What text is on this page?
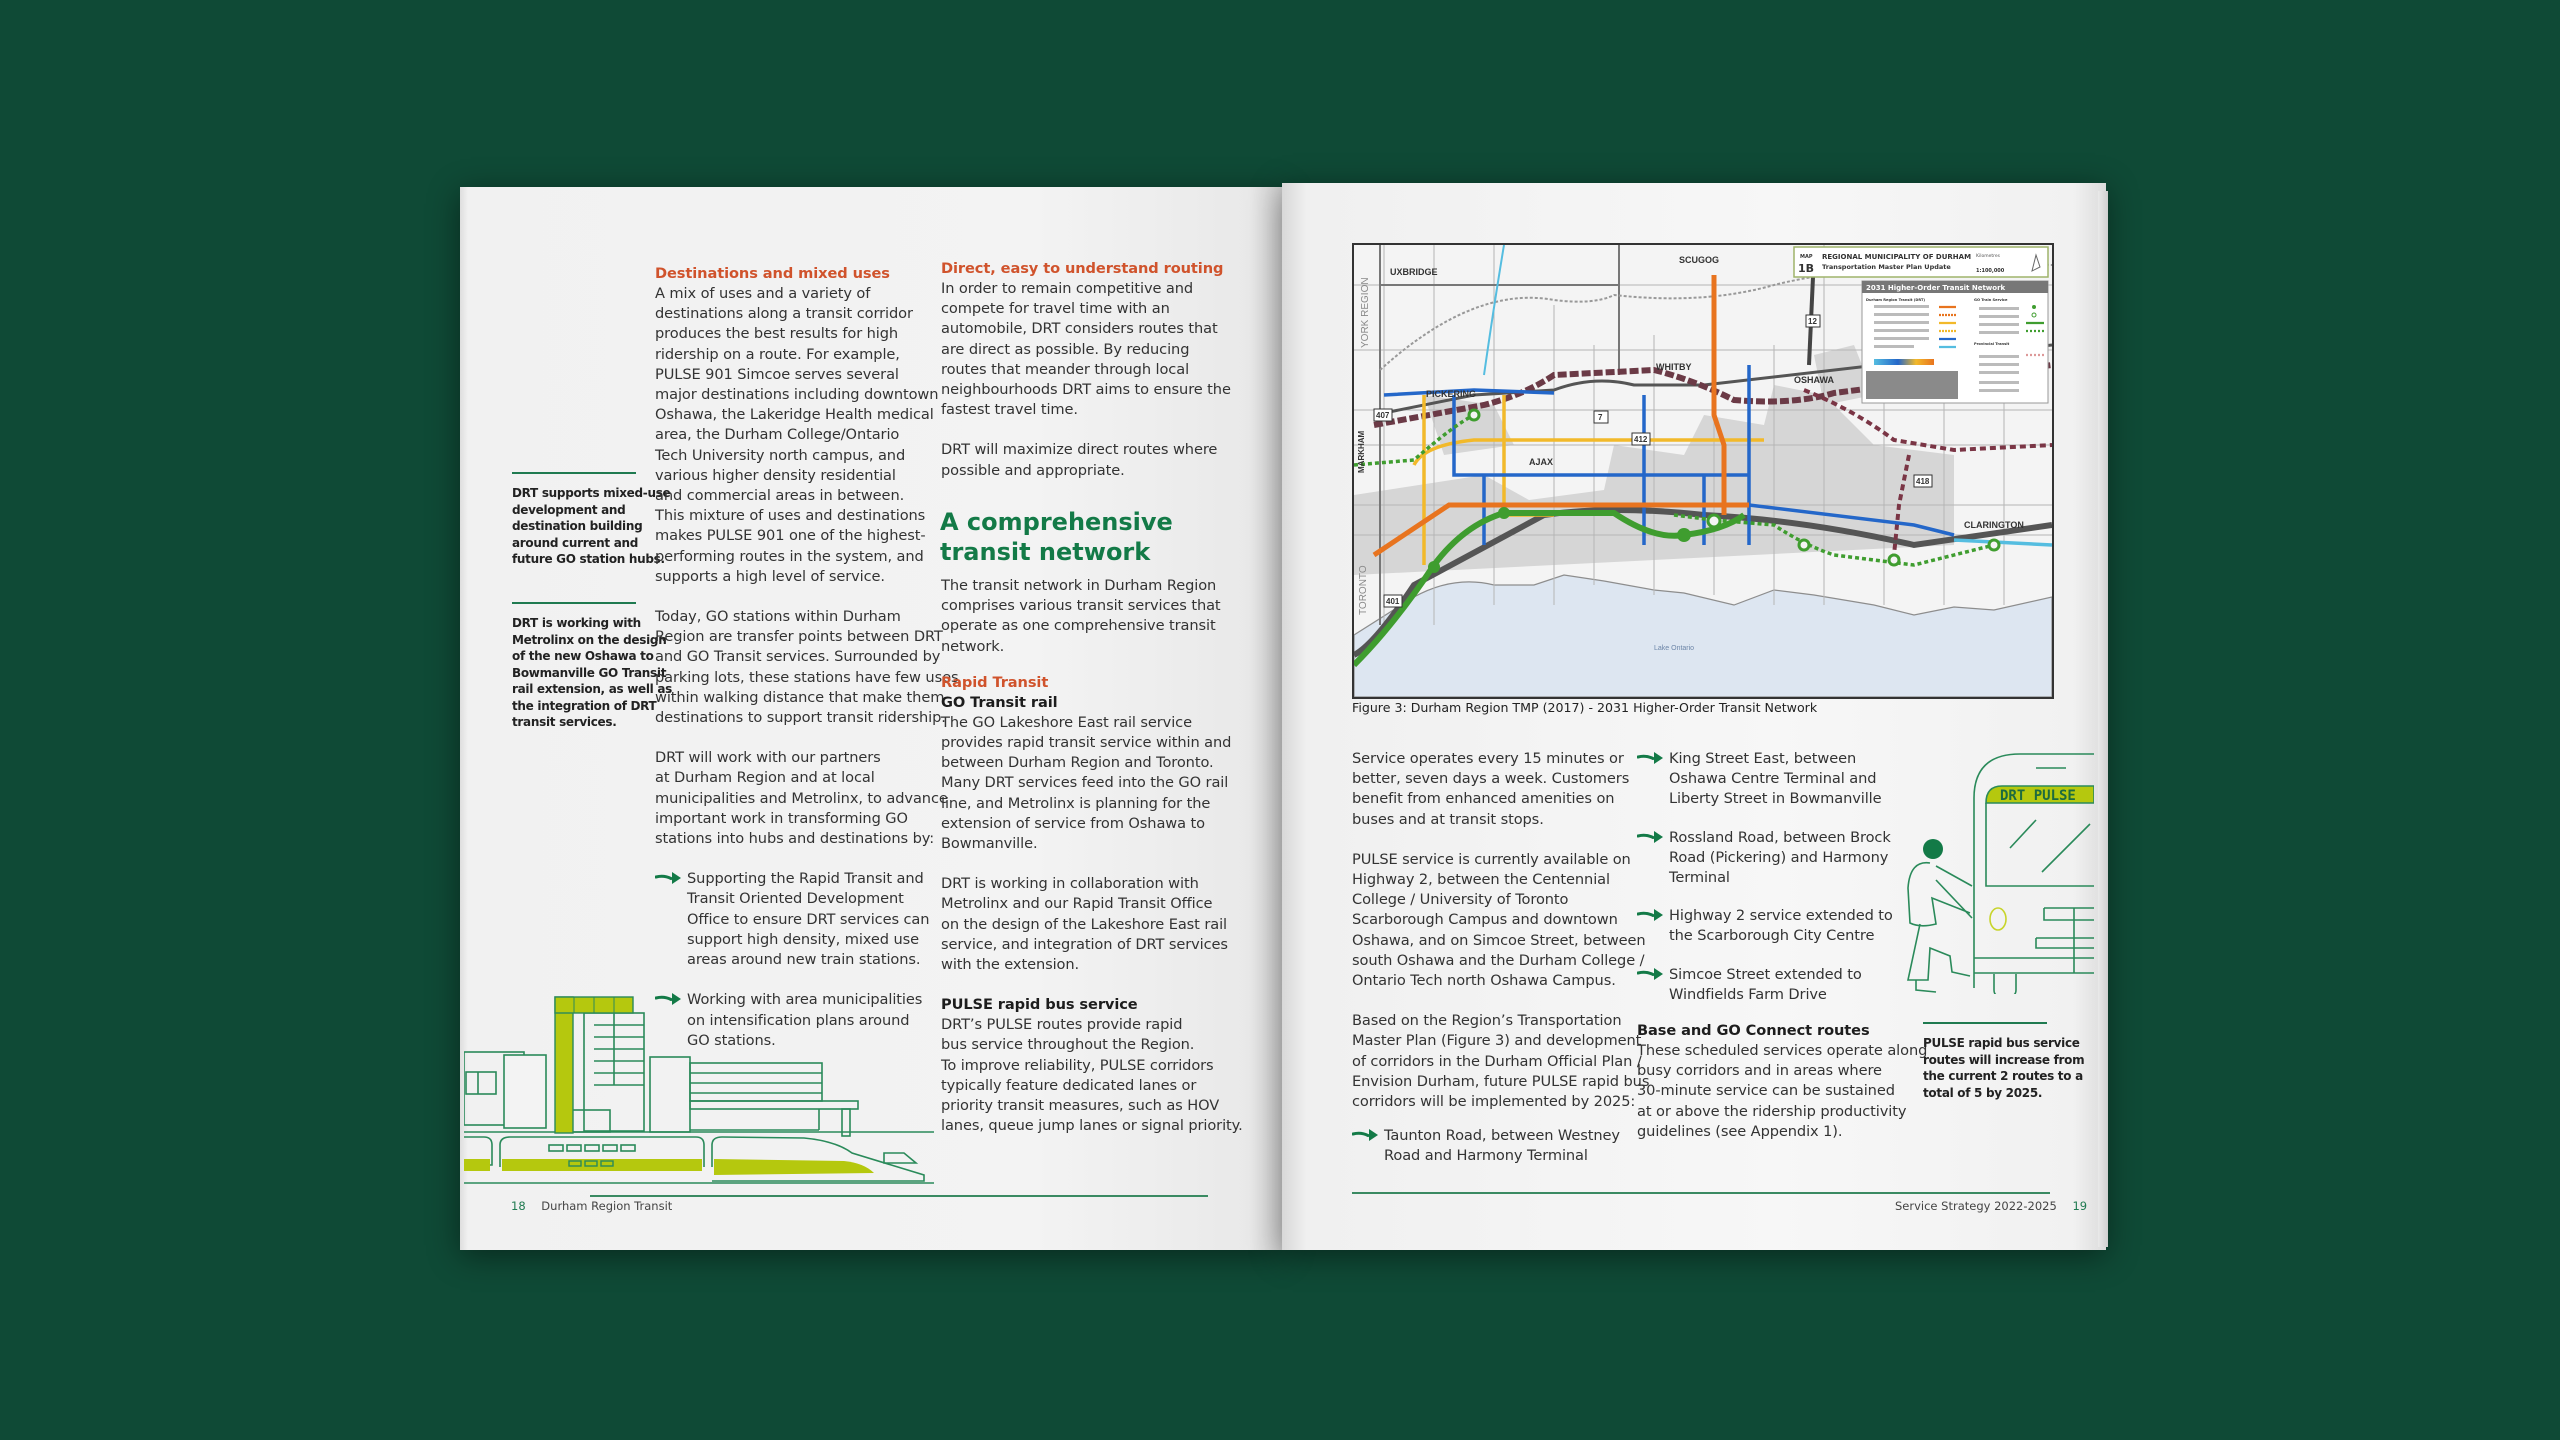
DRT supports mixed-use
development and
destination building
around current and
future GO station hubs.
DRT is working with
Metrolinx on the design
of the new Oshawa to
Bowmanville GO Transit
rail extension, as well as
the integration of DRT
transit services.
Destinations and mixed uses

A mix of uses and a variety of
destinations along a transit corridor
produces the best results for high
ridership on a route. For example,
PULSE 901 Simcoe serves several
major destinations including downtown
Oshawa, the Lakeridge Health medical
area, the Durham College/Ontario
Tech University north campus, and
various higher density residential
and commercial areas in between.
This mixture of uses and destinations
makes PULSE 901 one of the highest-
performing routes in the system, and
supports a high level of service.

Today, GO stations within Durham
Region are transfer points between DRT
and GO Transit services. Surrounded by
parking lots, these stations have few uses
within walking distance that make them
destinations to support transit ridership.

DRT will work with our partners
at Durham Region and at local
municipalities and Metrolinx, to advance
important work in transforming GO
stations into hubs and destinations by:

Supporting the Rapid Transit and
Transit Oriented Development
Office to ensure DRT services can
support high density, mixed use
areas around new train stations.

Working with area municipalities
on intensification plans around
GO stations.

Direct, easy to understand routing

In order to remain competitive and
compete for travel time with an
automobile, DRT considers routes that
are direct as possible. By reducing
routes that meander through local
neighbourhoods DRT aims to ensure the
fastest travel time.

DRT will maximize direct routes where
possible and appropriate.

A comprehensive
transit network

The transit network in Durham Region
comprises various transit services that
operate as one comprehensive transit
network.

Rapid Transit
GO Transit rail

The GO Lakeshore East rail service
provides rapid transit service within and
between Durham Region and Toronto.
Many DRT services feed into the GO rail
line, and Metrolinx is planning for the
extension of service from Oshawa to
Bowmanville.

DRT is working in collaboration with
Metrolinx and our Rapid Transit Office
on the design of the Lakeshore East rail
service, and integration of DRT services
with the extension.

PULSE rapid bus service

DRT’s PULSE routes provide rapid
bus service throughout the Region.
To improve reliability, PULSE corridors
typically feature dedicated lanes or
priority transit measures, such as HOV
lanes, queue jump lanes or signal priority.

18 Durham Region Transit
UXBRIDGE
SCUGOG
PICKERING
WHITBY
OSHAWA
AJAX
CLARINGTON
YORK REGION
MARKHAM
TORONTO
Lake Ontario
407	7
12
412
401
418
MAP
1B
REGIONAL MUNICIPALITY OF DURHAM
Transportation Master Plan Update
Kilometres
1:100,000
2031 Higher-Order Transit Network
Durham Region Transit (DRT)	GO Train Service
Provincial Transit
Figure 3: Durham Region TMP (2017) - 2031 Higher-Order Transit Network

Service operates every 15 minutes or
better, seven days a week. Customers
benefit from enhanced amenities on
buses and at transit stops.

PULSE service is currently available on
Highway 2, between the Centennial
College / University of Toronto
Scarborough Campus and downtown
Oshawa, and on Simcoe Street, between
south Oshawa and the Durham College /
Ontario Tech north Oshawa Campus.

Based on the Region’s Transportation
Master Plan (Figure 3) and development
of corridors in the Durham Official Plan /
Envision Durham, future PULSE rapid bus
corridors will be implemented by 2025:

Taunton Road, between Westney
Road and Harmony Terminal

King Street East, between
Oshawa Centre Terminal and
Liberty Street in Bowmanville

Rossland Road, between Brock
Road (Pickering) and Harmony
Terminal

Highway 2 service extended to
the Scarborough City Centre

Simcoe Street extended to
Windfields Farm Drive

Base and GO Connect routes

These scheduled services operate along
busy corridors and in areas where
30-minute service can be sustained
at or above the ridership productivity
guidelines (see Appendix 1).

DRT PULSE
PULSE rapid bus service
routes will increase from
the current 2 routes to a
total of 5 by 2025.
Service Strategy 2022-2025 19
